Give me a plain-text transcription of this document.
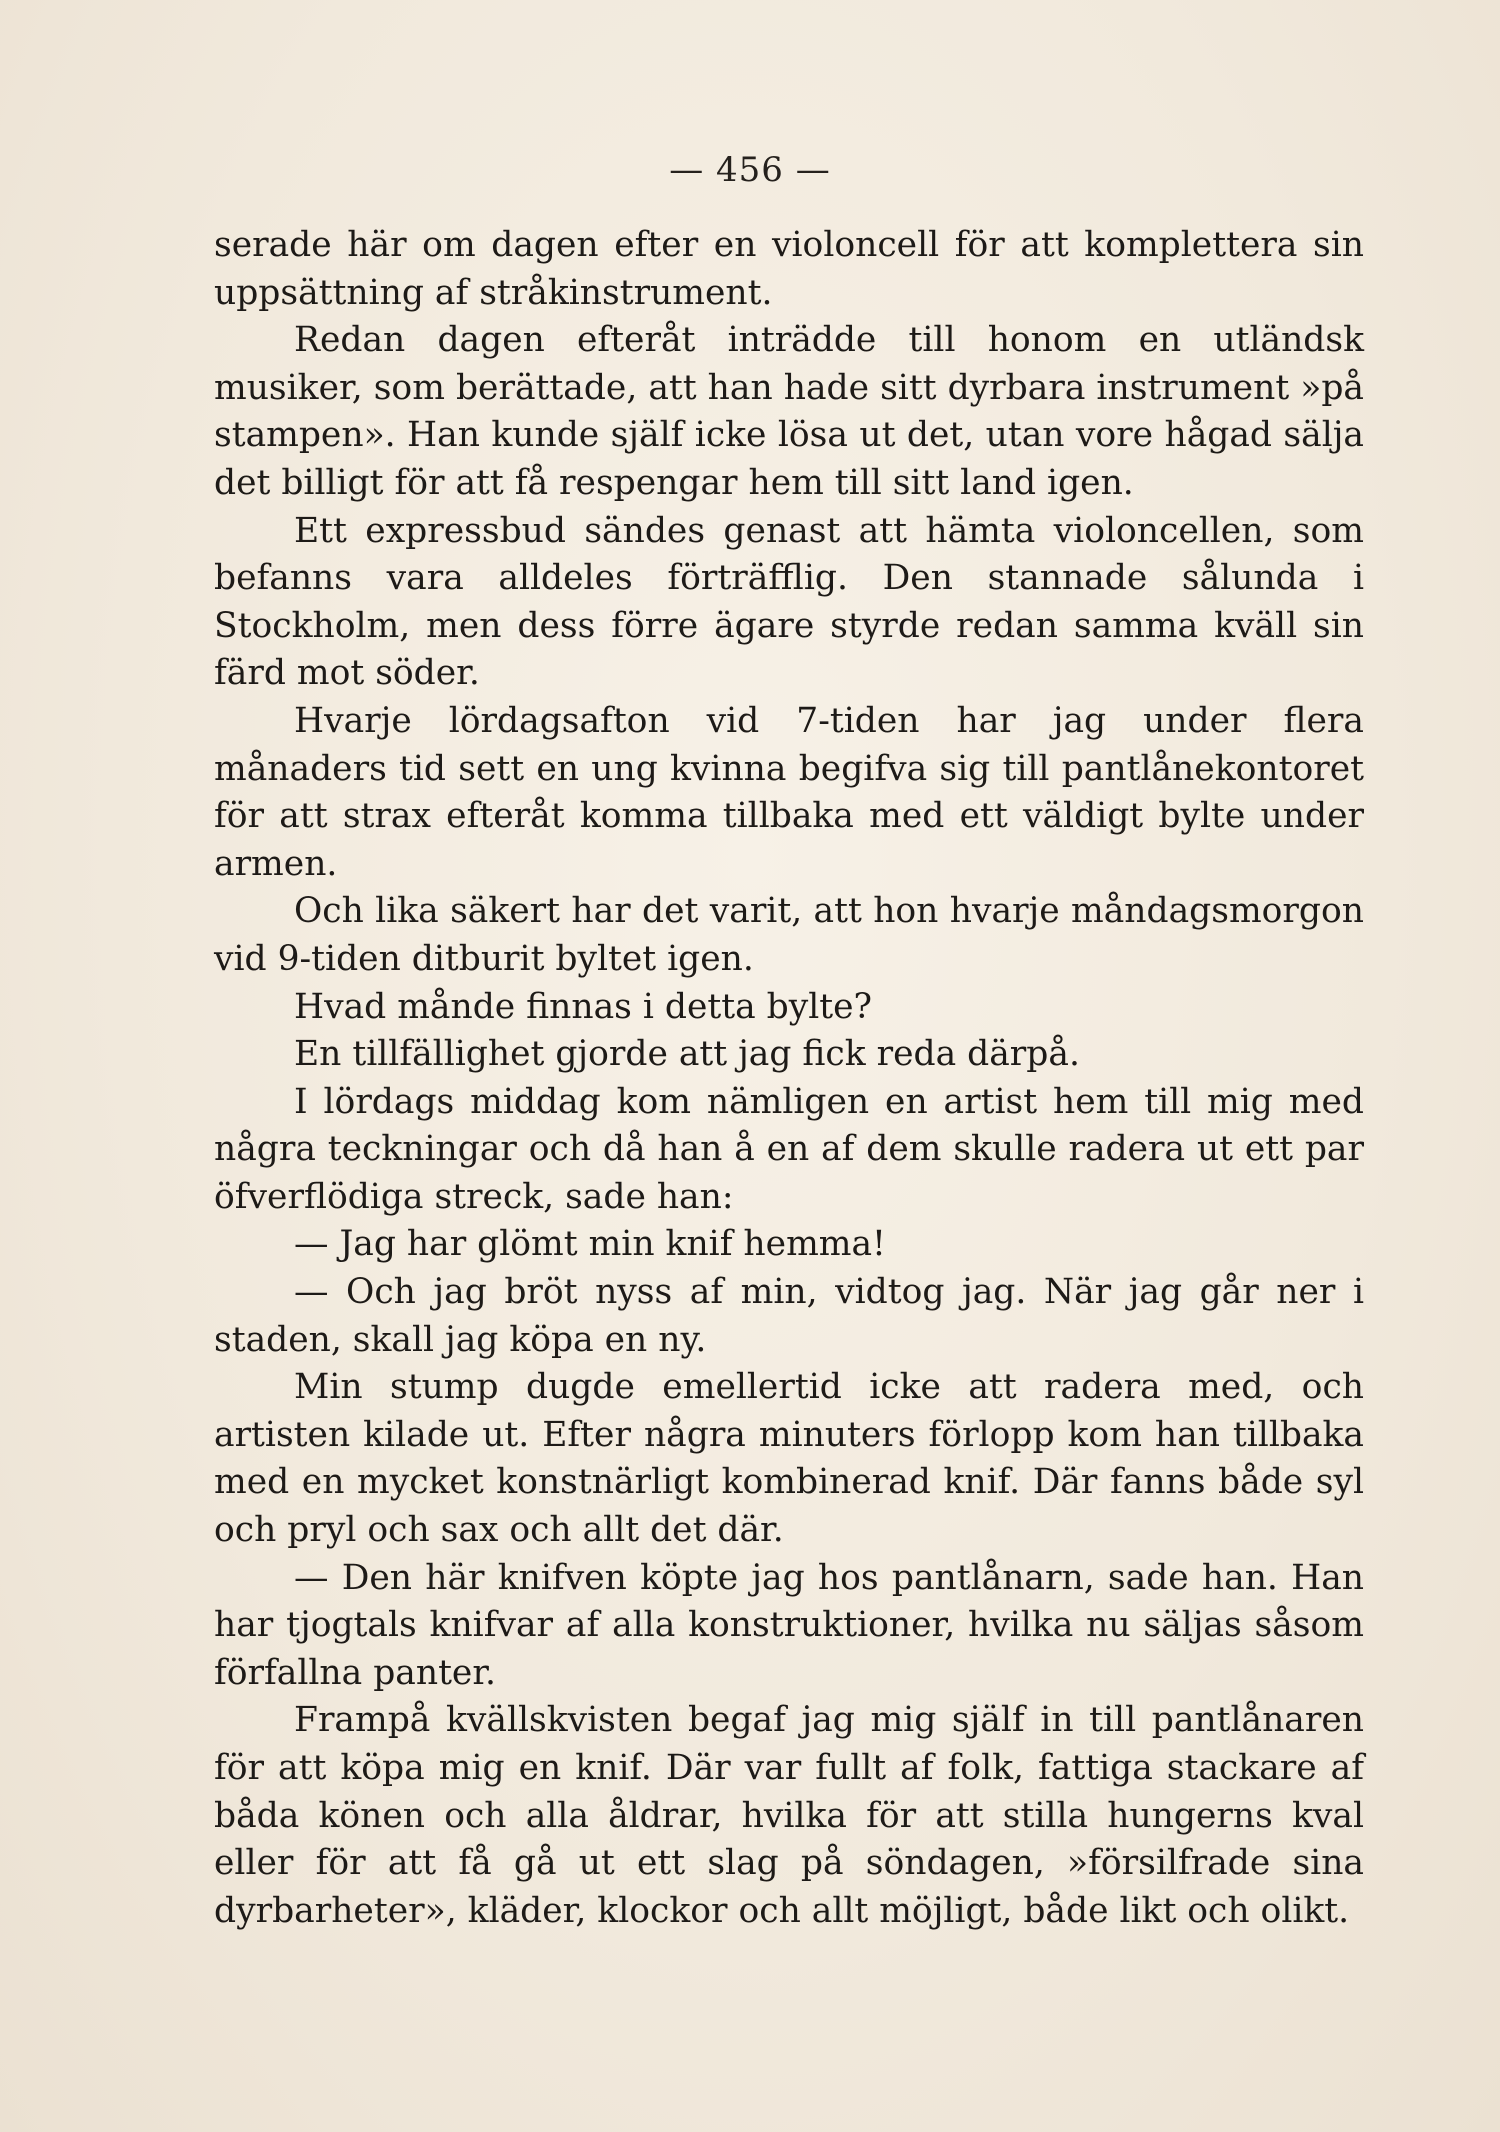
— 456 —

serade här om dagen efter en violoncell för att komplettera sin uppsättning af stråkinstrument.

Redan dagen efteråt inträdde till honom en utländsk musiker, som berättade, att han hade sitt dyrbara instrument »på stampen». Han kunde själf icke lösa ut det, utan vore hågad sälja det billigt för att få respengar hem till sitt land igen.

Ett expressbud sändes genast att hämta violoncellen, som befanns vara alldeles förträfflig. Den stannade sålunda i Stockholm, men dess förre ägare styrde redan samma kväll sin färd mot söder.

Hvarje lördagsafton vid 7-tiden har jag under flera månaders tid sett en ung kvinna begifva sig till pantlånekontoret för att strax efteråt komma tillbaka med ett väldigt bylte under armen.

Och lika säkert har det varit, att hon hvarje måndagsmorgon vid 9-tiden ditburit byltet igen.

Hvad månde finnas i detta bylte?

En tillfällighet gjorde att jag fick reda därpå.

I lördags middag kom nämligen en artist hem till mig med några teckningar och då han å en af dem skulle radera ut ett par öfverflödiga streck, sade han:

— Jag har glömt min knif hemma!

— Och jag bröt nyss af min, vidtog jag. När jag går ner i staden, skall jag köpa en ny.

Min stump dugde emellertid icke att radera med, och artisten kilade ut. Efter några minuters förlopp kom han tillbaka med en mycket konstnärligt kombinerad knif. Där fanns både syl och pryl och sax och allt det där.

— Den här knifven köpte jag hos pantlånarn, sade han. Han har tjogtals knifvar af alla konstruktioner, hvilka nu säljas såsom förfallna panter.

Frampå kvällskvisten begaf jag mig själf in till pantlånaren för att köpa mig en knif. Där var fullt af folk, fattiga stackare af båda könen och alla åldrar, hvilka för att stilla hungerns kval eller för att få gå ut ett slag på söndagen, »försilfrade sina dyrbarheter», kläder, klockor och allt möjligt, både likt och olikt.
